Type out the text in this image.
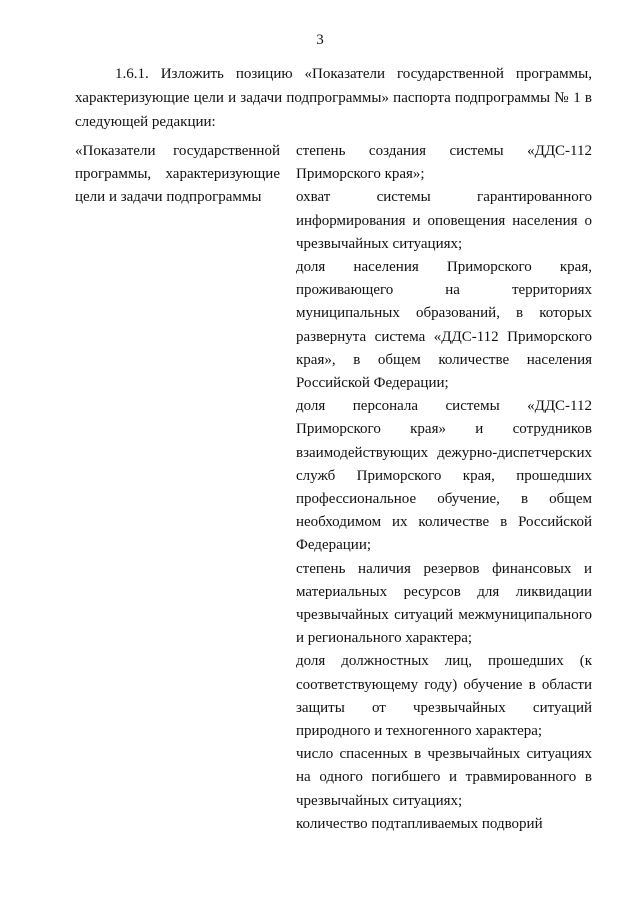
3

1.6.1. Изложить позицию «Показатели государственной программы, характеризующие цели и задачи подпрограммы» паспорта подпрограммы № 1 в следующей редакции:

«Показатели государственной программы, характеризующие цели и задачи подпрограммы

степень создания системы «ДДС-112 Приморского края»;

охват системы гарантированного информирования и оповещения населения о чрезвычайных ситуациях;

доля населения Приморского края, проживающего на территориях муниципальных образований, в которых развернута система «ДДС-112 Приморского края», в общем количестве населения Российской Федерации;

доля персонала системы «ДДС-112 Приморского края» и сотрудников взаимодействующих дежурно-диспетчерских служб Приморского края, прошедших профессиональное обучение, в общем необходимом их количестве в Российской Федерации;

степень наличия резервов финансовых и материальных ресурсов для ликвидации чрезвычайных ситуаций межмуниципального и регионального характера;

доля должностных лиц, прошедших (к соответствующему году) обучение в области защиты от чрезвычайных ситуаций природного и техногенного характера;

число спасенных в чрезвычайных ситуациях на одного погибшего и травмированного в чрезвычайных ситуациях;

количество подтапливаемых подворий
